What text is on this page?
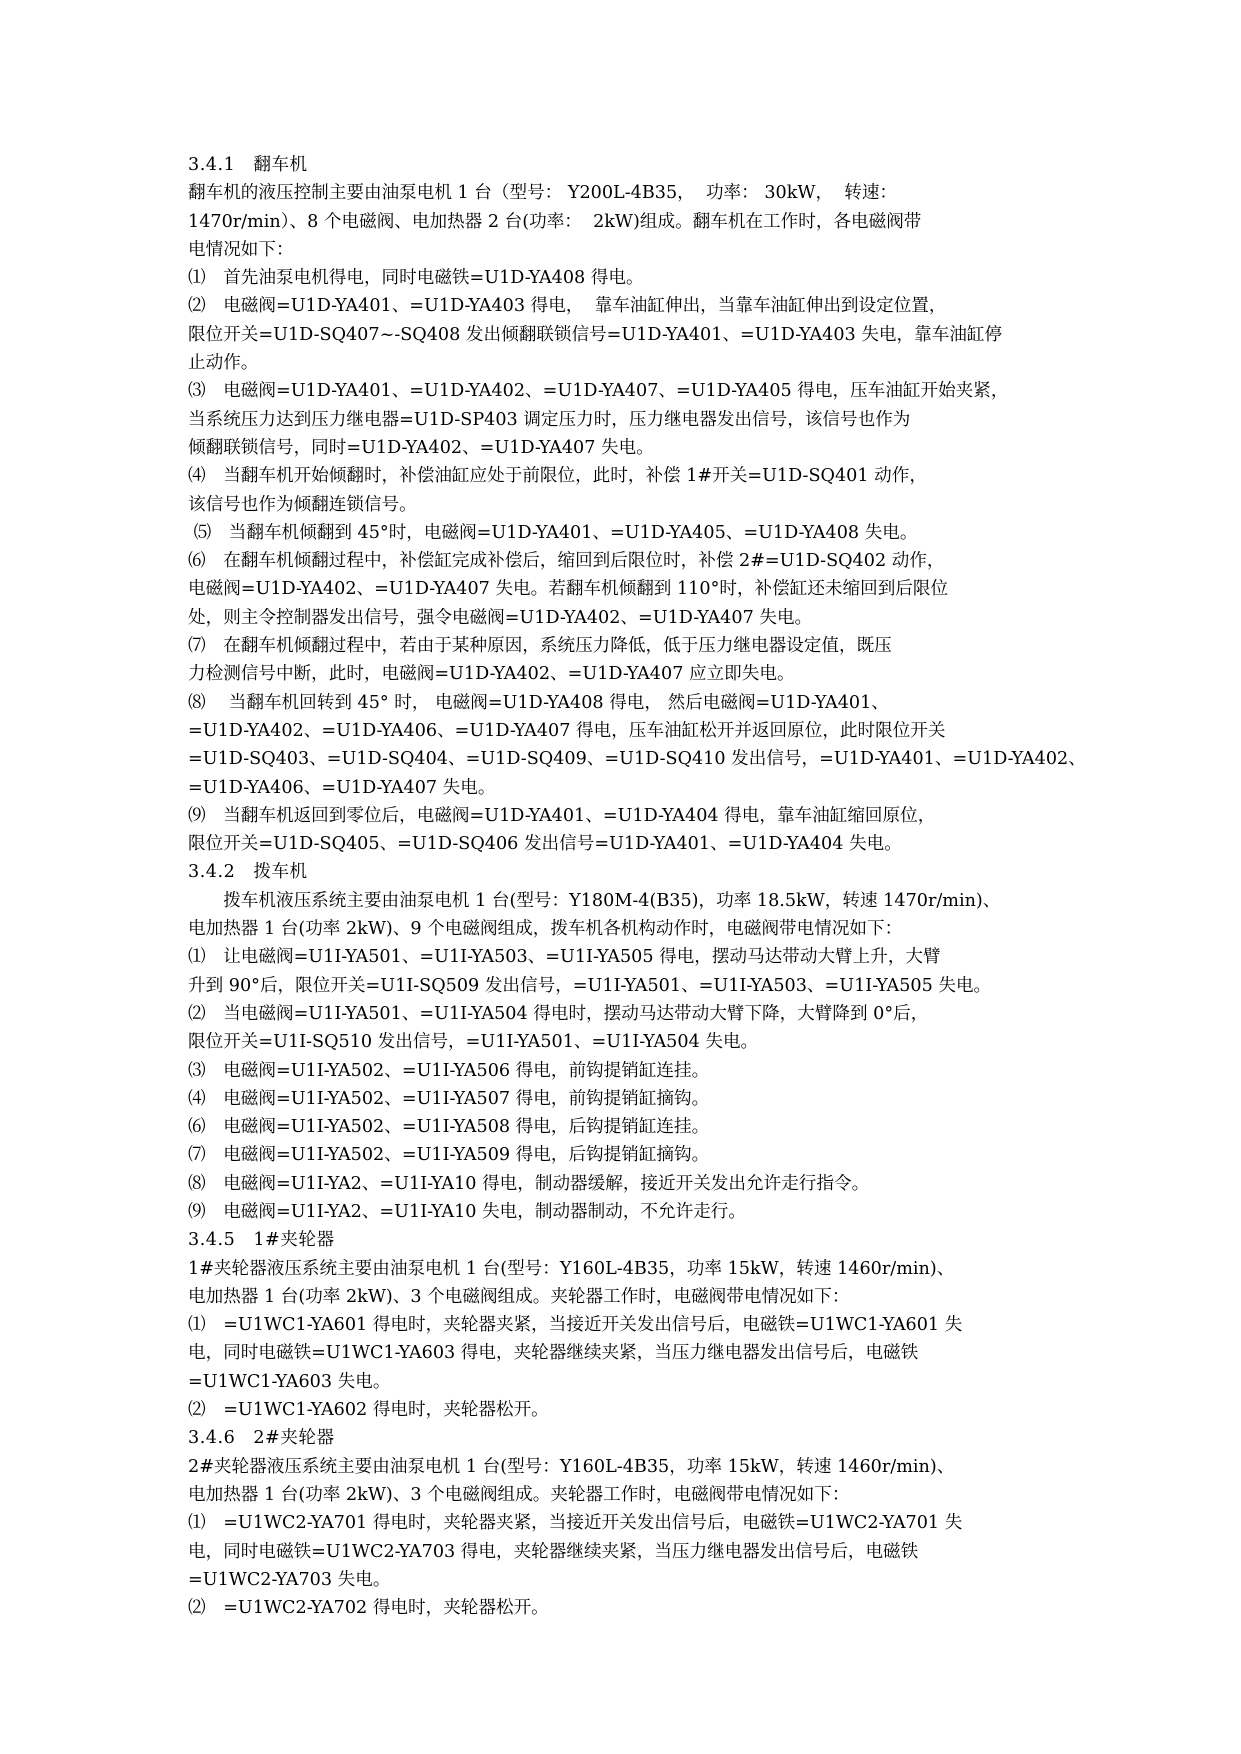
3.4.1　翻车机
翻车机的液压控制主要由油泵电机 1 台（型号： Y200L-4B35，  功率： 30kW，  转速：
1470r/min）、8 个电磁阀、电加热器 2 台(功率：  2kW)组成。翻车机在工作时，各电磁阀带
电情况如下：
⑴　首先油泵电机得电，同时电磁铁=U1D-YA408 得电。
⑵　电磁阀=U1D-YA401、=U1D-YA403 得电，  靠车油缸伸出，当靠车油缸伸出到设定位置，
限位开关=U1D-SQ407~-SQ408 发出倾翻联锁信号=U1D-YA401、=U1D-YA403 失电，靠车油缸停
止动作。
⑶　电磁阀=U1D-YA401、=U1D-YA402、=U1D-YA407、=U1D-YA405 得电，压车油缸开始夹紧，
当系统压力达到压力继电器=U1D-SP403 调定压力时，压力继电器发出信号，该信号也作为
倾翻联锁信号，同时=U1D-YA402、=U1D-YA407 失电。
⑷　当翻车机开始倾翻时，补偿油缸应处于前限位，此时，补偿 1#开关=U1D-SQ401 动作，
该信号也作为倾翻连锁信号。
⑸　当翻车机倾翻到 45°时，电磁阀=U1D-YA401、=U1D-YA405、=U1D-YA408 失电。
⑹　在翻车机倾翻过程中，补偿缸完成补偿后，缩回到后限位时，补偿 2#=U1D-SQ402 动作，
电磁阀=U1D-YA402、=U1D-YA407 失电。若翻车机倾翻到 110°时，补偿缸还未缩回到后限位
处，则主令控制器发出信号，强令电磁阀=U1D-YA402、=U1D-YA407 失电。
⑺　在翻车机倾翻过程中，若由于某种原因，系统压力降低，低于压力继电器设定值，既压
力检测信号中断，此时，电磁阀=U1D-YA402、=U1D-YA407 应立即失电。
⑻　 当翻车机回转到 45° 时， 电磁阀=U1D-YA408 得电， 然后电磁阀=U1D-YA401、
=U1D-YA402、=U1D-YA406、=U1D-YA407 得电，压车油缸松开并返回原位，此时限位开关
=U1D-SQ403、=U1D-SQ404、=U1D-SQ409、=U1D-SQ410 发出信号，=U1D-YA401、=U1D-YA402、
=U1D-YA406、=U1D-YA407 失电。
⑼　当翻车机返回到零位后，电磁阀=U1D-YA401、=U1D-YA404 得电，靠车油缸缩回原位，
限位开关=U1D-SQ405、=U1D-SQ406 发出信号=U1D-YA401、=U1D-YA404 失电。
3.4.2　拨车机
　　拨车机液压系统主要由油泵电机 1 台(型号：Y180M-4(B35)，功率 18.5kW，转速 1470r/min)、
电加热器 1 台(功率 2kW)、9 个电磁阀组成，拨车机各机构动作时，电磁阀带电情况如下：
⑴　让电磁阀=U1I-YA501、=U1I-YA503、=U1I-YA505 得电，摆动马达带动大臂上升，大臂
升到 90°后，限位开关=U1I-SQ509 发出信号，=U1I-YA501、=U1I-YA503、=U1I-YA505 失电。
⑵　当电磁阀=U1I-YA501、=U1I-YA504 得电时，摆动马达带动大臂下降，大臂降到 0°后，
限位开关=U1I-SQ510 发出信号，=U1I-YA501、=U1I-YA504 失电。
⑶　电磁阀=U1I-YA502、=U1I-YA506 得电，前钩提销缸连挂。
⑷　电磁阀=U1I-YA502、=U1I-YA507 得电，前钩提销缸摘钩。
⑹　电磁阀=U1I-YA502、=U1I-YA508 得电，后钩提销缸连挂。
⑺　电磁阀=U1I-YA502、=U1I-YA509 得电，后钩提销缸摘钩。
⑻　电磁阀=U1I-YA2、=U1I-YA10 得电，制动器缓解，接近开关发出允许走行指令。
⑼　电磁阀=U1I-YA2、=U1I-YA10 失电，制动器制动，不允许走行。
3.4.5　1#夹轮器
1#夹轮器液压系统主要由油泵电机 1 台(型号：Y160L-4B35，功率 15kW，转速 1460r/min)、
电加热器 1 台(功率 2kW)、3 个电磁阀组成。夹轮器工作时，电磁阀带电情况如下：
⑴　=U1WC1-YA601 得电时，夹轮器夹紧，当接近开关发出信号后，电磁铁=U1WC1-YA601 失
电，同时电磁铁=U1WC1-YA603 得电，夹轮器继续夹紧，当压力继电器发出信号后，电磁铁
=U1WC1-YA603 失电。
⑵　=U1WC1-YA602 得电时，夹轮器松开。
3.4.6　2#夹轮器
2#夹轮器液压系统主要由油泵电机 1 台(型号：Y160L-4B35，功率 15kW，转速 1460r/min)、
电加热器 1 台(功率 2kW)、3 个电磁阀组成。夹轮器工作时，电磁阀带电情况如下：
⑴　=U1WC2-YA701 得电时，夹轮器夹紧，当接近开关发出信号后，电磁铁=U1WC2-YA701 失
电，同时电磁铁=U1WC2-YA703 得电，夹轮器继续夹紧，当压力继电器发出信号后，电磁铁
=U1WC2-YA703 失电。
⑵　=U1WC2-YA702 得电时，夹轮器松开。
